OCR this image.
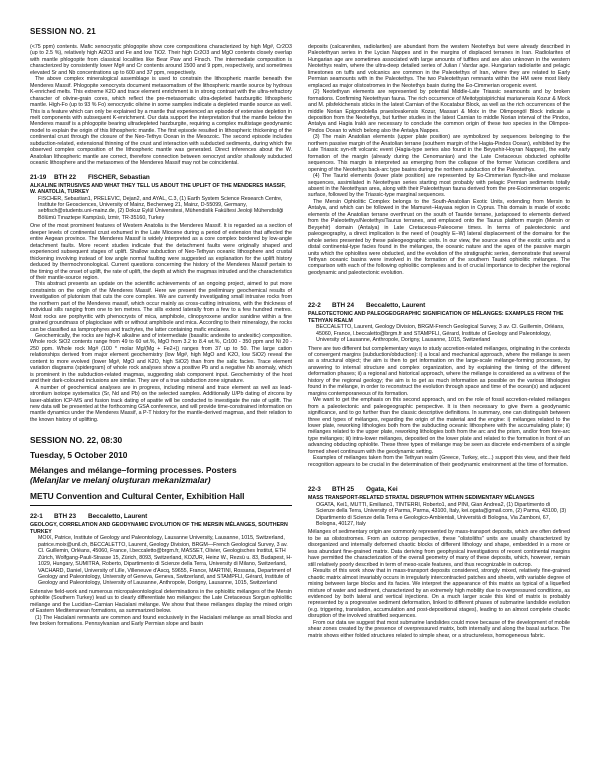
SESSION NO. 21

(<75 ppm) contents. Mafic xenocrystic phlogopite show core compositions characterized by high Mg#, Cr2O3 (up to 2.5 %), relatively high Al2O3 and Fe and low TiO2. Their high Cr2O3 and MgO contents closely overlap with mantle phlogopite from classical localities like Bear Paw and Finsch. The intermediate composition is characterized by consistently lower Mg# and Cr contents around 1500 and 9 ppm, respectively, and sometimes elevated Sr and Nb concentrations up to 600 and 37 ppm, respectively.

The above complex mineralogical assemblage is used to constrain the lithospheric mantle beneath the Menderes Massif. Phlogopite xenocrysts document metasomatism of the lithospheric mantle source by hydrous K-enriched melts. This extreme K2O and trace element enrichment is in strong contrast with the ultra-refractory character of olivine-grain cores, which reflect the pre-metasomatic ultra-depleted harzburgitic lithospheric mantle. High-Fo (up to 93 % Fo) xenocrystic olivine in some samples indicate a depleted mantle source as well. This is a feature which can only be explained by a mantle that experienced an episode of extensive depletion in melt components with subsequent K-enrichment. Our data support the interpretation that the mantle below the Menderes massif is a phlogopite bearing ultradepleted harzburgite, requiring a complex multistage geodynamic model to explain the origin of this lithospheric mantle. The first episode resulted in lithospheric thickening of the continental crust through the closure of the Neo-Tethys Ocean in the Mesozoic. The second episode includes subduction-related, extensional thinning of the crust and interaction with subducted sediments, during which the observed complex composition of the lithospheric mantle was generated. Direct inferences about the W. Anatolian lithospheric mantle are correct, therefore connection between xenocryst and/or shallowly subducted oceanic lithosphere and the metasomes of the Menderes Massif may not be coincidental.

21-19	BTH 22	FISCHER, Sebastian

ALKALINE INTRUSIVES AND WHAT THEY TELL US ABOUT THE UPLIFT OF THE MENDERES MASSIF, W. ANATOLIA, TURKEY

FISCHER, Sebastian1, PRELEVIC, Dejan2, and AYAL, C.3, (1) Earth System Science Research Centre, Institute for Geosciences, University of Mainz, Becherweg 21, Mainz, D-55099, Germany, sebfisch@students.uni-mainz.de, (2) Dokuz Eylül Üniversitesi, Mühendislik Fakültesi Jeoloji Mühendisliği Bölümü Tınaztepe Kampüsü, Izmir, TR-35160, Turkey

One of the most prominent features of Western Anatolia is the Menderes Massif. It is regarded as a section of deeper levels of continental crust exhumed in the Late Miocene during a period of extension that affected the entire Aegean province. The Menderes Massif is widely interpreted as a core complex bordered by low-angle detachment faults. More recent studies indicate that the detachment faults were originally shaped and experienced subsequent stages of uplift. Shallow subduction of Neo-Tethyan oceanic lithosphere and crustal thickening involving instead of low angle normal faulting were suggested as explanation for the uplift history deduced by thermochronological. Current questions concerning the history of the Menderes Massif pertain to the timing of the onset of uplift, the rate of uplift, the depth at which the magmas intruded and the characteristics of their mantle-source region.

This abstract presents an update on the scientific achievements of an ongoing project, aimed to put more constraints on the origin of the Menderes Massif. Here we present the preliminary geochemical results of investigation of plutonism that cuts the core complex. We are currently investigating small intrusive rocks from the northern part of the Menderes massif, which occur mainly as cross-cutting intrusions, with the thickness of individual sills ranging from one to ten metres. The sills extend laterally from a few to a few hundred metres. Most rocks are porphyritic with phenocrysts of mica, amphibole, clinopyroxene and/or sanidine within a fine grained groundmass of plagioclase with or without amphibole and mica. According to their mineralogy, the rocks can be classified as lamprophyres and trachytes, the latter containing mafic enclaves.

Geochemically, the rocks are high-K alkaline and of intermediate (basaltic andesite to andesitic) composition. Whole rock SiO2 contents range from 49 to 60 wt.%, MgO from 3.2 to 8.4 wt.%, Cr100 - 350 ppm and Ni 20 - 250 ppm. Whole rock Mg# (100 * molar Mg/(Mg + Fe2+)) ranges from 37 up to 50. The large cation relationships derived from major element geochemistry (low Mg#, high MgO and K2O, low SiO2) reveal the content to more evolved (lower Mg#, MgO and K2O, high SiO2) than from the salic facies. Trace element variation diagrams (spidergram) of whole rock analyses show a positive Pb and a negative Nb anomaly, which is prominent in the subduction-related magmas, suggesting slab component input. Geochemistry of the host and their dark-coloured inclusions are similar. They are of a true subduction zone signature.

A number of geochemical analyses are in progress, including mineral and trace element as well as lead-strontium isotope systematics (Sr, Nd and Pb) on the selected samples. Additionally U/Pb dating of zircons by laser-ablation ICP-MS and fusion track dating of apatite will be conducted to investigate the rate of uplift. The new data will be presented at the forthcoming GSA conference, and will provide time-constrained information on mantle dynamics under the Menderes Massif, a P-T history for the mantle-derived magmas, and their relation to the known history of uplifting.

SESSION NO. 22, 08:30

Tuesday, 5 October 2010

Mélanges and mélange–forming processes. Posters

(Melanjlar ve melanj oluşturan mekanizmalar)

METU Convention and Cultural Center, Exhibition Hall

22-1	BTH 23	Beccaletto, Laurent

GEOLOGY, CORRELATION AND GEODYNAMIC EVOLUTION OF THE MERSIN MÉLANGES, SOUTHERN TURKEY

MOIX, Patrice, Institute of Geology and Paleontology, Lausanne University, Lausanne, 1015, Switzerland, patrice.moix@unil.ch, BECCALETTO, Laurent, Geology Division, BRGM—French Geological Survey, 3 av. Cl. Guillemin, Orléans, 45060, France, l.beccaletto@brgm.fr, MASSET, Olivier, Geologisches Institut, ETH Zürich, Wolfgang-Pauli-Strasse 15, Zürich, 8093, Switzerland, KOZUR, Heinz W., Rezsü u. 83, Budapest, H-1029, Hungary, SUMITRA, Roberto, Dipartimento di Scienze della Terra, University di Milano, Switzerland, VACHARD, Daniel, University of Lille, Villeneuve d'Ascq, 59655, France, MARTINI, Rossana, Department of Geology and Paleontology, University of Geneva, Geneva, Switzerland, and STAMPFLI, Gérard, Institute of Geology and Paleontology, University of Lausanne, Anthropole, Dorigny, Lausanne, 1015, Switzerland

Extensive field-work and numerous micropaleontological determinations in the ophiolitic mélanges of the Mersin ophiolite (Southern Turkey) lead us to clearly differentiate two mélanges: the Late Cretaceous Sorgun ophiolitic mélange and the Lucidian–Carnian Hacialani mélange. We show that these mélanges display the mixed origin of Eastern Mediterranean formations, as summarized below.

(1) The Hacialani remnants are common and found exclusively in the Hacialani mélange as small blocks and few broken formations. Pennsylvanian and Early Permian slope and basin

deposits (calcarenites, radiolarites) are abundant from the western Neotethys but were already described in Paleotethyan series in the Lycian Nappes and in the margins of displaced terranes in Iran. Radiolarites of Hungarian age are sometimes associated with large amounts of tuffites and are also unknown in the western Neotethys realm, where the ultra-deep detailed series of Julian / Vardar age. Hungarian radiolarite and pelagic limestones on tuffs and volcanics are common in the Paleotethys of Iran, where they are related to Early Permian seamounts with in the Paleotethys. The two Paleotethyan remnants within the HM were most likely emplaced as major olistostromes in the Neotethys basin during the Eo-Cimmerian orogenic event.

(2) Neotethyan elements are represented by potential Middle-Late Triassic seamounts and by broken formations. Confirming Neotethyan fauna. The rich occurrence of Meitotypisipirichiai marianensis Kozur & Mock and M. pilsfekichensis sticks in the latest Carnian of the Kocatabur Block, as well as the rich occurrences of the middle Norian Epigondolella praeslovakensis Kozur, Massari & Moix in the Olimpongöl Block indicate a deposition from the Neotethys, but further studies in the latest Carnian to middle Norian interval of the Pindos, Antalya and Hagia Iraklı are necessary to conclude the common origin of these two species in the Olimpos-Pindos Ocean to which belong also the Antalya Nappes.

(3) The main Anatolian elements (upper plate position) are symbolized by sequences belonging to the northern passive margin of the Anatolian terrane (southern margin of the Hagia-Pindos Ocean), exhibited by the Late Triassic syn-rift volcanic event (Hagia-type series also found in the Beyşehir-Hoyran Nappes), the early formation of the margin (already during the Cenomanian) and the Late Cretaceous obducted ophiolite sequences. This margin is interpreted as emerging from the collapse of the former Variscan cordillera and opening of the Neotethys back-arc type basins during the northern subduction of the Paleotethys.

(4) The Taurid elements (lower plate position) are represented by Eo-Cimmerian flysch-like and molasse sequences, assimilated in Neotethyan series starting most probably with pelagic Permian sediments totally absent in the Neotethyan area, along with their Paleotethyan fauna derived from the pre-Eocimmerian orogenic surface, followed by the Triassic-type marginal sequences.

The Mersin Ophiolitic Complex belongs to the South-Anatolian Exotic Units, extending from Mersin to Antalya, and which can be followed in the Mamuret–Hayasa region in Cyprus. This domain is made of exotic elements of the Anatolian terrane overthrust on the south of Tauride terrane, juxtaposed to elements derived from the Paleotethys/Neotethys/Taurus terranes, and emplaced onto the Taurus platform margin (Mersin or Beyşehir) domain (Antalya) in Late Cretaceous-Paleocene times. In terms of paleotectonic and paleogeography, a direct implication is the need of (roughly E–W) lateral displacement of the domains for the whole series presented by these paleogeographic units. In our view, the source area of the exotic units and a distal continental-type facies found in the mélanges, the oceanic nature and the ages of the passive margin units which the ophiolites were obducted, and the evolution of the stratigraphic series, demonstrate that several Tethyan oceanic basins were involved in the formation of the southern Taurid ophiolitic mélanges. The comparison with each of the following ophiolitic complexes and is of crucial importance to decipher the regional geodynamic and paleotectonic evolution.

22-2	BTH 24	Beccaletto, Laurent

PALEOTECTONIC AND PALEOGEOGRAPHIC SIGNIFICATION OF MÉLANGES: EXAMPLES FROM THE TETHYAN REALM

BECCALETTO, Laurent, Geology Division, BRGM-French Geological Survey, 3 av. Cl. Guillemin, Orléans, 45060, France, l.beccaletto@brgm.fr and STAMPFLI, Gérard, Institute of Geology and Paleontology, University of Lausanne, Anthropole, Dorigny, Lausanne, 1015, Switzerland

There are two different but complementary ways to study accretion-related mélanges, originating in the contexts of convergent margins (subduction/obduction): i) a local and mechanical approach, where the mélange is seen as a structural object; the aim is then to get information on the large-scale mélange-forming processes, by answering to internal structure and complex organization, and by explaining the timing of the different deformation phases; ii) a regional and historical approach, where the mélange is considered as a witness of the history of the regional geology; the aim is to get as much information as possible on the various lithologies found in the mélange, in order to reconstruct the evolution through space and time of the ocean(s) and adjacent margins contemporaneous of its formation.

We want to get the emphasis on this second approach, and on the role of fossil accretion-related mélanges from a paleotectonic and paleogeographic perspective. It is then necessary to give them a geodynamic significance, and to go further than the classic descriptive definitions. In summary, one can distinguish between three end types of mélanges, regarding the origin of the material and the engine: i) mélanges related to the lower plate, reworking lithologies both from the subducting oceanic lithosphere with the accumulating plate; ii) mélanges related to the upper plate, reworking lithologies both from the arc and the prism, and/or from fore-arc type mélanges; iii) intra-lower mélanges, deposited on the lower plate and related to the formation in front of an advancing obducting ophiolite. These three types of mélange may be seen as discrete end-members of a single formed sheet continuum with the geodynamic setting.

Examples of mélanges taken from the Tethyan realm (Greece, Turkey, etc...) support this view, and their field recognition appears to be crucial in the determination of their geodynamic environment at the time of formation.

22-3	BTH 25	Ogata, Kei

MASS TRANSPORT-RELATED STRATAL DISRUPTION WITHIN SEDIMENTARY MÉLANGES

OGATA, Kei1, MUTTI, Emiliano1, TINTERRI, Roberto1, and PINI, Gian Andrea2, (1) Dipartimento di Scienze della Terra, University of Parma, Parma, 43100, Italy, kei.ogata@gmail.com, (2) Parma, 43100, (3) Dipartimento di Scienze della Terra e Geologico-Ambientali, Università di Bologna, Via Zamboni, 67, Bologna, 40127, Italy

Mélanges of sedimentary origin are commonly represented by mass-transport deposits, which are often defined to be as olistostromes. From an outcrop perspective, these "olistoliths" units are usually characterized by disorganized and internally deformed chaotic blocks of different lithology and shape, embedded in a more or less abundant fine-grained matrix. Data deriving from geophysical investigations of recent continental margins have permitted the characterization of the overall geometry of many of these deposits, which, however, remain still relatively poorly described in term of meso-scale features, and thus recognizable in outcrop.

Results of this work show that in mass-transport deposits considered, strongly mixed, relatively fine-grained chaotic matrix almost invariably occurs in irregularly intercontracted patches and sheets, with variable degree of mixing between large blocks and its facies. We interpret the appearance of this matrix as typical of a liquefied mixture of water and sediment, characterized by an extremely high mobility due to overpressured conditions, as evidenced by both lateral and vertical injections. On a much larger scale this kind of matrix is probably represented by a progressive sediment deformation, linked to different phases of submarine landslide evolution (e.g. triggering, translation, accumulation and post-depositional stages), leading to an almost complete chaotic disruption of the involved stratified sequences.

From our data we suggest that most submarine landslides could move because of the development of mobile shear zones created by the presence of overpressured matrix, both internally and along the basal surface. The matrix shows either folded structures related to simple shear, or a structureless, homogeneous fabric.
